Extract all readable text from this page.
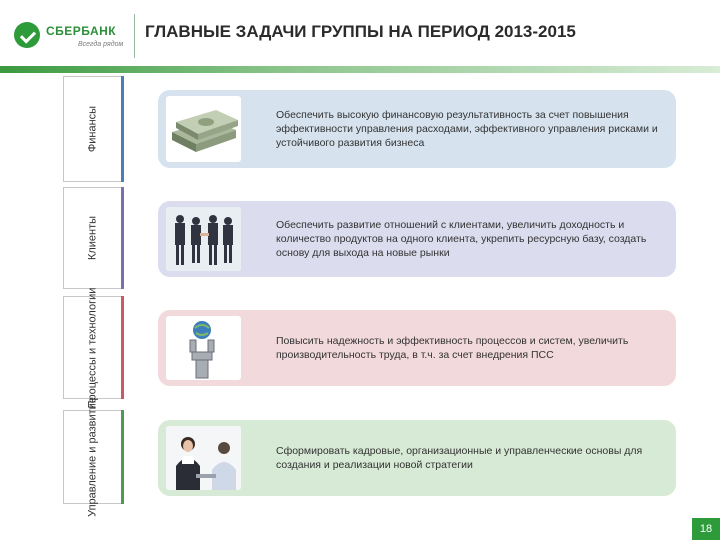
СБЕРБАНК
Всегда рядом
ГЛАВНЫЕ ЗАДАЧИ ГРУППЫ НА ПЕРИОД 2013-2015
Финансы	Обеспечить высокую финансовую результативность за счет повышения эффективности управления расходами, эффективного управления рисками и устойчивого развития бизнеса
Клиенты	Обеспечить развитие отношений с клиентами, увеличить доходность и количество продуктов на одного клиента, укрепить ресурсную базу, создать основу для выхода на новые рынки
Процессы и технологии	Повысить надежность и эффективность процессов и систем, увеличить производительность труда, в т.ч. за счет внедрения ПСС
Управление и развитие	Сформировать кадровые, организационные и управленческие основы для создания и реализации новой стратегии
18
